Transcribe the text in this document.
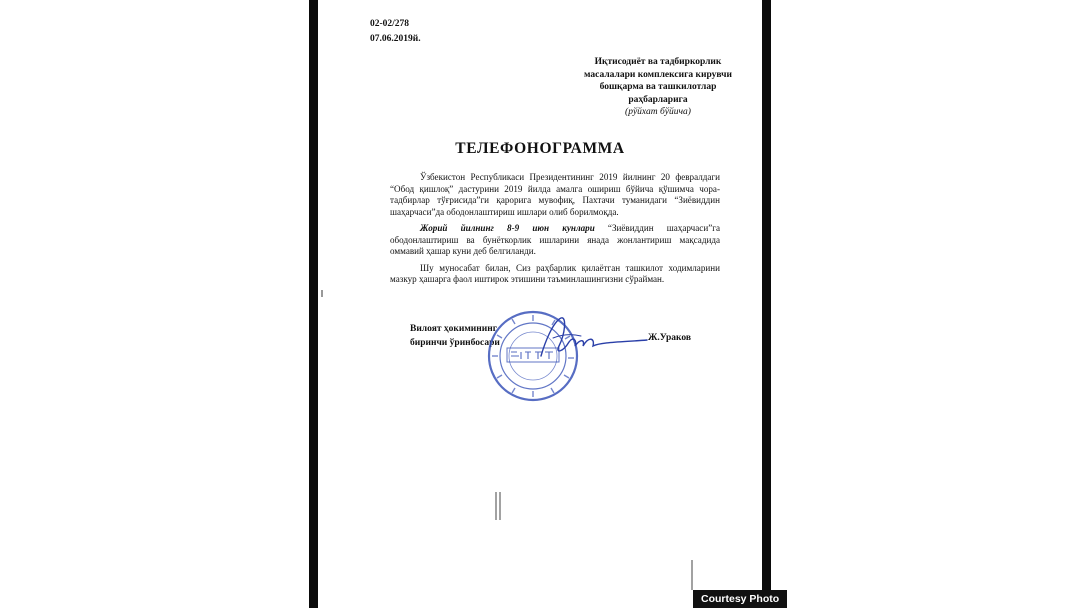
02-02/278
07.06.2019й.
Иқтисодиёт ва тадбиркорлик
масалалари комплексига кирувчи
бошқарма ва ташкилотлар
раҳбарларига
(рўйхат бўйича)
ТЕЛЕФОНОГРАММА

Ўзбекистон Республикаси Президентининг 2019 йилнинг 20 февралдаги “Обод қишлоқ” дастурини 2019 йилда амалга ошириш бўйича қўшимча чора-тадбирлар тўғрисида”ги қарорига мувофиқ, Пахтачи туманидаги “Зиёвиддин шаҳарчаси”да ободонлаштириш ишлари олиб борилмоқда.

Жорий йилнинг 8-9 июн кунлари “Зиёвиддин шаҳарчаси”га ободонлаштириш ва бунёткорлик ишларини янада жонлантириш мақсадида оммавий ҳашар куни деб белгиланди.

Шу муносабат билан, Сиз раҳбарлик қилаётган ташкилот ходимларини мазкур ҳашарга фаол иштирок этишини таъминлашингизни сўрайман.

Вилоят ҳокимининг
биринчи ўринбосари	Ж.Ураков
Courtesy Photo
